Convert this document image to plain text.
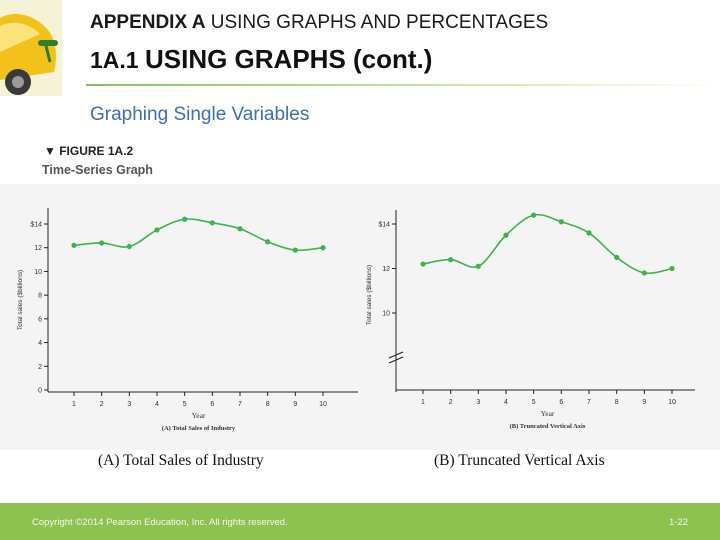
APPENDIX A USING GRAPHS AND PERCENTAGES
1A.1 USING GRAPHS (cont.)
Graphing Single Variables
▼ FIGURE 1A.2
Time-Series Graph
0
2
4
6
8
10
12
$14
1	2	3	4	5	6	7	8	9	10
Year
Total sales ($billions)
(A) Total Sales of Industry
10
12
$14
1	2	3	4	5	6	7	8	9	10
Year
Total sales ($billions)
(B) Truncated Vertical Axis
(A) Total Sales of Industry	(B) Truncated Vertical Axis
Copyright ©2014 Pearson Education, Inc. All rights reserved.	1-22
